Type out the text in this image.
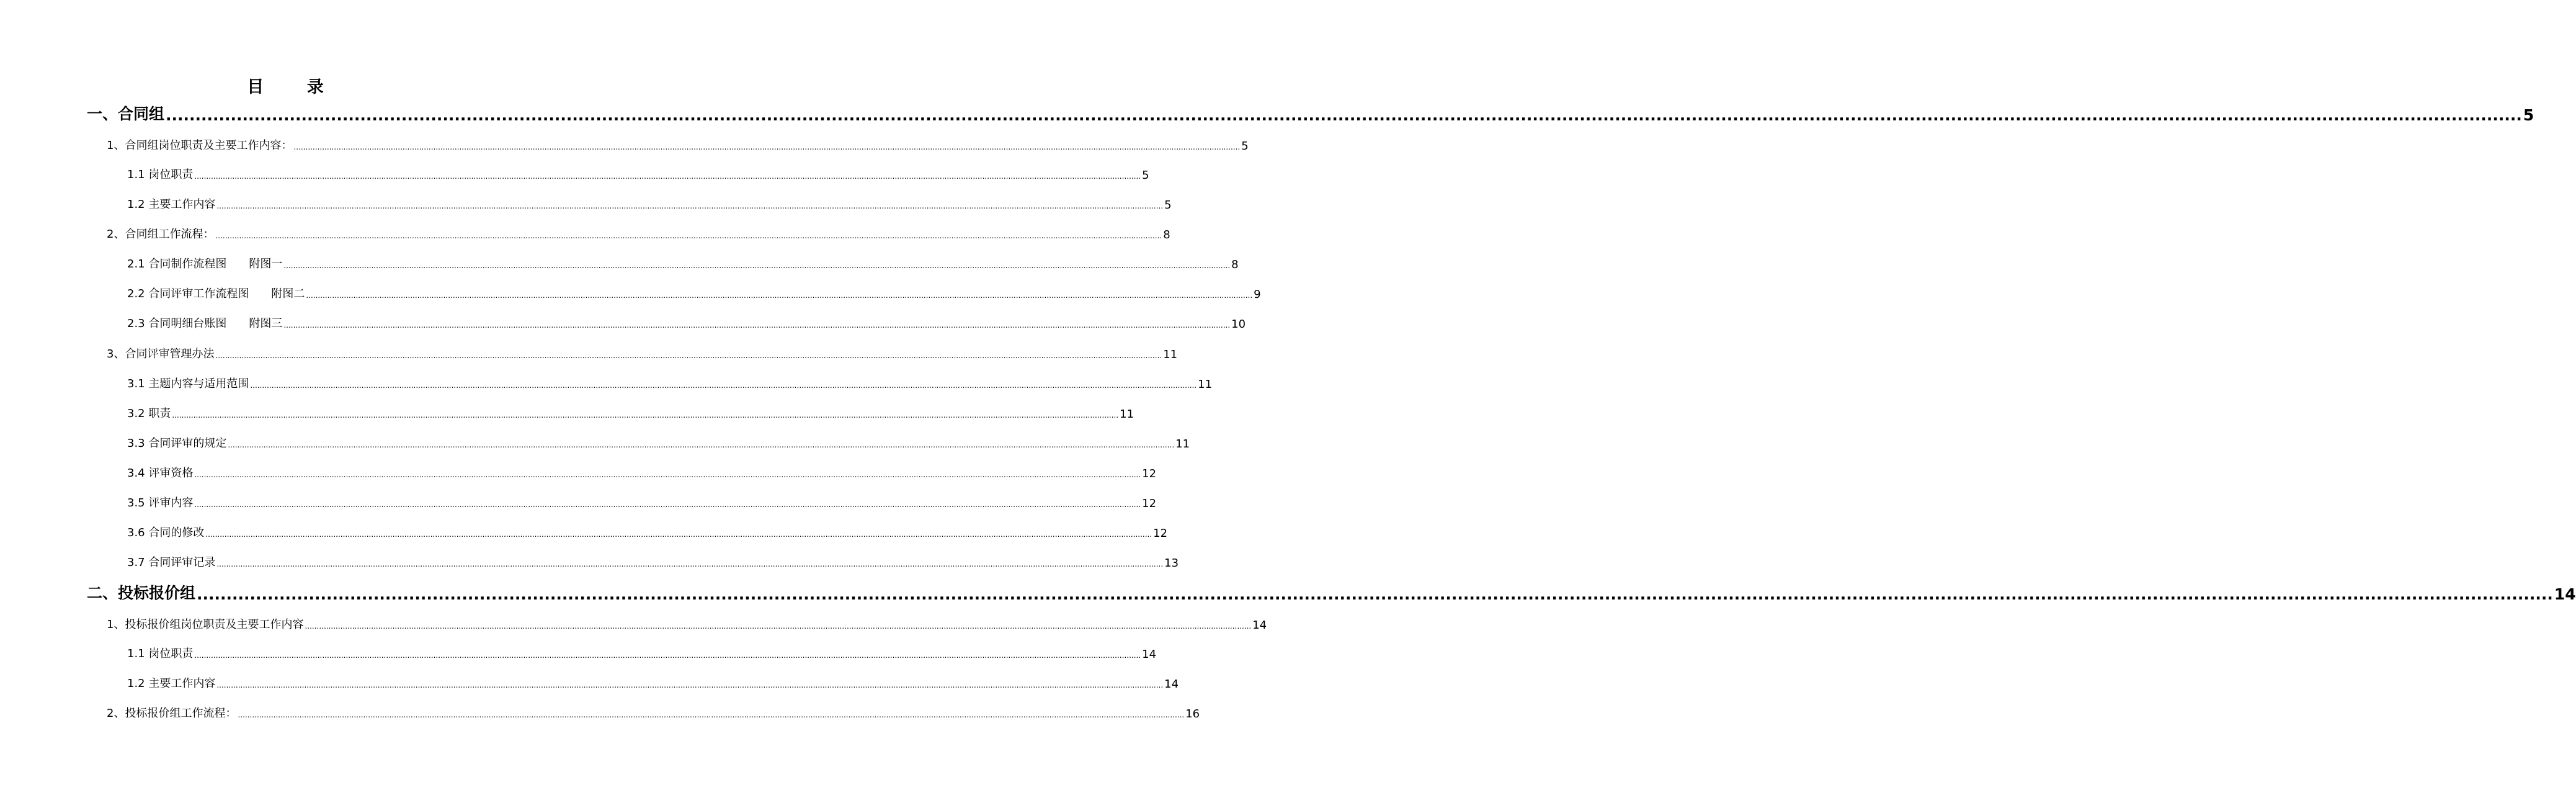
目 录
一、合同组 ................................................................................................................................................................................................................................................................................................................................................................................................................ 5
1、合同组岗位职责及主要工作内容： ................................................................................................................................................................................................................................................................................................................................................................................................................ 5
1.1 岗位职责 ................................................................................................................................................................................................................................................................................................................................................................................................................ 5
1.2 主要工作内容 ................................................................................................................................................................................................................................................................................................................................................................................................................ 5
2、合同组工作流程： ................................................................................................................................................................................................................................................................................................................................................................................................................ 8
2.1 合同制作流程图　　附图一 ................................................................................................................................................................................................................................................................................................................................................................................................................ 8
2.2 合同评审工作流程图　　附图二 ................................................................................................................................................................................................................................................................................................................................................................................................................ 9
2.3 合同明细台账图　　附图三 ................................................................................................................................................................................................................................................................................................................................................................................................................ 10
3、合同评审管理办法 ................................................................................................................................................................................................................................................................................................................................................................................................................ 11
3.1 主题内容与适用范围 ................................................................................................................................................................................................................................................................................................................................................................................................................ 11
3.2 职责 ................................................................................................................................................................................................................................................................................................................................................................................................................ 11
3.3 合同评审的规定 ................................................................................................................................................................................................................................................................................................................................................................................................................ 11
3.4 评审资格 ................................................................................................................................................................................................................................................................................................................................................................................................................ 12
3.5 评审内容 ................................................................................................................................................................................................................................................................................................................................................................................................................ 12
3.6 合同的修改 ................................................................................................................................................................................................................................................................................................................................................................................................................ 12
3.7 合同评审记录 ................................................................................................................................................................................................................................................................................................................................................................................................................ 13
二、投标报价组 ................................................................................................................................................................................................................................................................................................................................................................................................................ 14
1、投标报价组岗位职责及主要工作内容 ................................................................................................................................................................................................................................................................................................................................................................................................................ 14
1.1 岗位职责 ................................................................................................................................................................................................................................................................................................................................................................................................................ 14
1.2 主要工作内容 ................................................................................................................................................................................................................................................................................................................................................................................................................ 14
2、投标报价组工作流程： ................................................................................................................................................................................................................................................................................................................................................................................................................ 16
